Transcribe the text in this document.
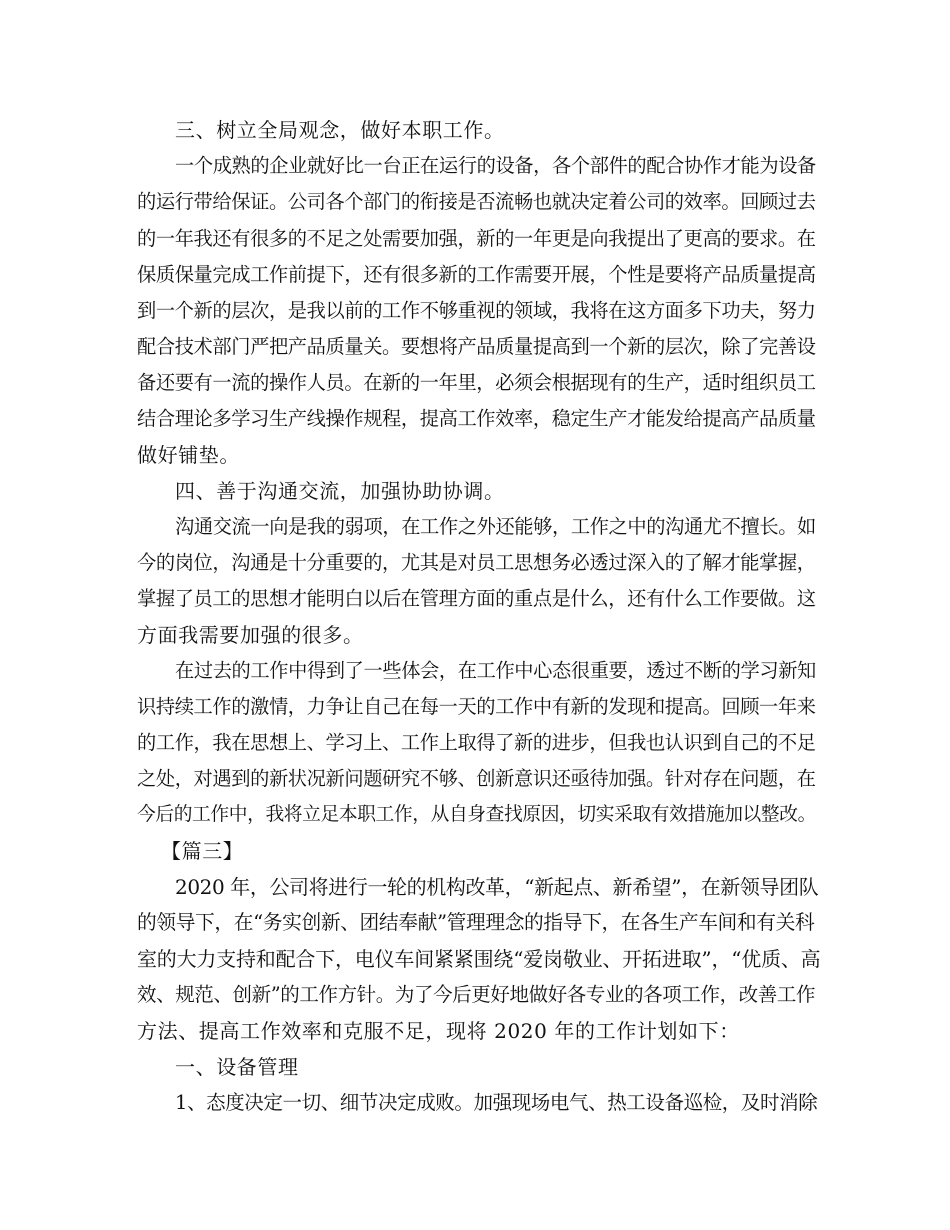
三、树立全局观念，做好本职工作。
一个成熟的企业就好比一台正在运行的设备，各个部件的配合协作才能为设备
的运行带给保证。公司各个部门的衔接是否流畅也就决定着公司的效率。回顾过去
的一年我还有很多的不足之处需要加强，新的一年更是向我提出了更高的要求。在
保质保量完成工作前提下，还有很多新的工作需要开展，个性是要将产品质量提高
到一个新的层次，是我以前的工作不够重视的领域，我将在这方面多下功夫，努力
配合技术部门严把产品质量关。要想将产品质量提高到一个新的层次，除了完善设
备还要有一流的操作人员。在新的一年里，必须会根据现有的生产，适时组织员工
结合理论多学习生产线操作规程，提高工作效率，稳定生产才能发给提高产品质量
做好铺垫。
四、善于沟通交流，加强协助协调。
沟通交流一向是我的弱项，在工作之外还能够，工作之中的沟通尤不擅长。如
今的岗位，沟通是十分重要的，尤其是对员工思想务必透过深入的了解才能掌握，
掌握了员工的思想才能明白以后在管理方面的重点是什么，还有什么工作要做。这
方面我需要加强的很多。
在过去的工作中得到了一些体会，在工作中心态很重要，透过不断的学习新知
识持续工作的激情，力争让自己在每一天的工作中有新的发现和提高。回顾一年来
的工作，我在思想上、学习上、工作上取得了新的进步，但我也认识到自己的不足
之处，对遇到的新状况新问题研究不够、创新意识还亟待加强。针对存在问题，在
今后的工作中，我将立足本职工作，从自身查找原因，切实采取有效措施加以整改。
【篇三】
2020 年，公司将进行一轮的机构改革，“新起点、新希望”，在新领导团队
的领导下，在“务实创新、团结奉献”管理理念的指导下，在各生产车间和有关科
室的大力支持和配合下，电仪车间紧紧围绕“爱岗敬业、开拓进取”，“优质、高
效、规范、创新”的工作方针。为了今后更好地做好各专业的各项工作，改善工作
方法、提高工作效率和克服不足，现将 2020 年的工作计划如下：
一、设备管理
1、态度决定一切、细节决定成败。加强现场电气、热工设备巡检，及时消除
